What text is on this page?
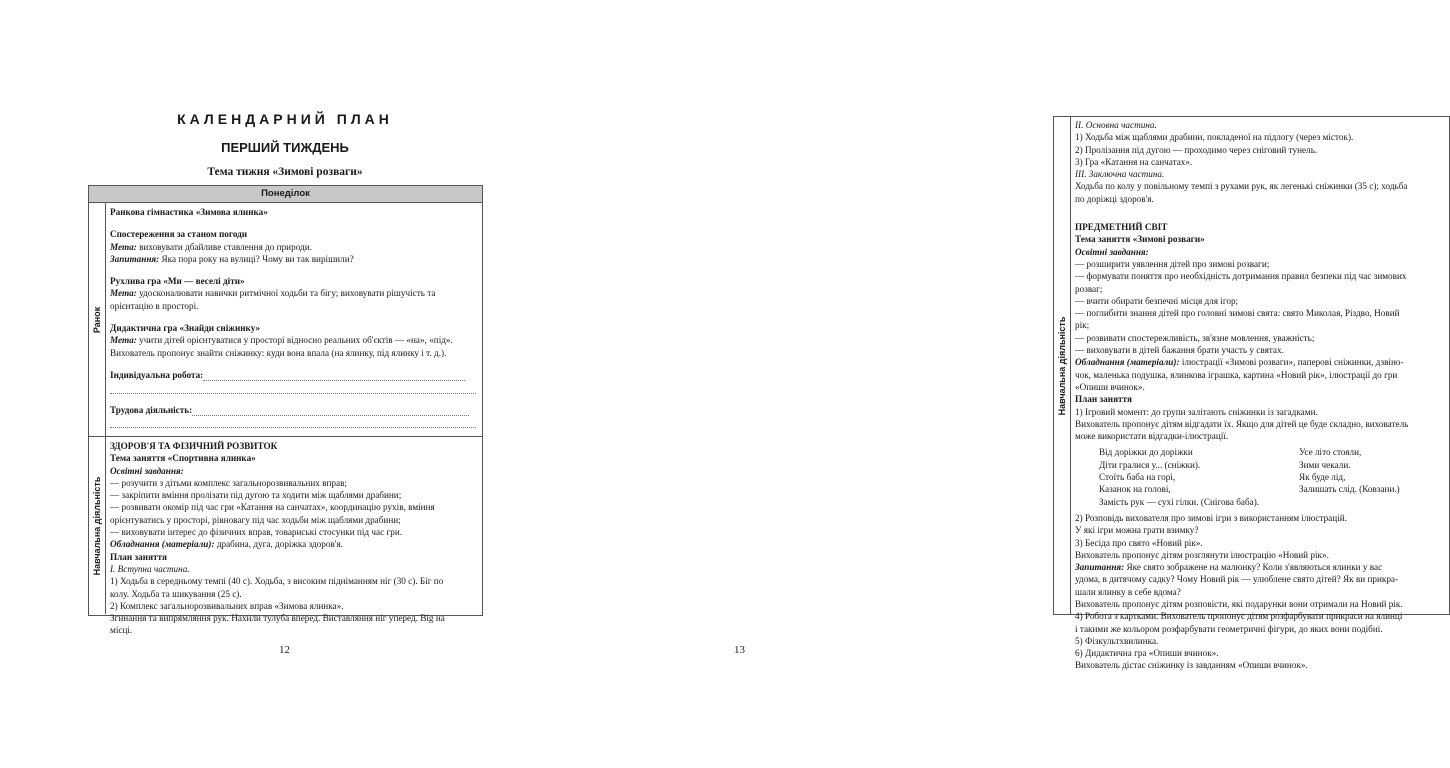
КАЛЕНДАРНИЙ ПЛАН
ПЕРШИЙ ТИЖДЕНЬ
Тема тижня «Зимові розваги»
Понеділок
Ранок
Навчальна діяльність
Ранкова гімнастика «Зимова ялинка»
Спостереження за станом погоди
Мета: виховувати дбайливе ставлення до природи.
Запитання: Яка пора року на вулиці? Чому ви так вирішили?
Рухлива гра «Ми — веселі діти»
Мета: удосконалювати навички ритмічної ходьби та бігу; виховувати рішучість та
орієнтацію в просторі.
Дидактична гра «Знайди сніжинку»
Мета: учити дітей орієнтуватися у просторі відносно реальних об'єктів — «на», «під».
Вихователь пропонує знайти сніжинку: куди вона впала (на ялинку, під ялинку і т. д.).
Індивідуальна робота:
Трудова діяльність:
ЗДОРОВ'Я ТА ФІЗИЧНИЙ РОЗВИТОК
Тема заняття «Спортивна ялинка»
Освітні завдання:
— розучити з дітьми комплекс загальнорозвивальних вправ;
— закріпити вміння пролізати під дугою та ходити між щаблями драбини;
— розвивати окомір під час гри «Катання на санчатах», координацію рухів, вміння
орієнтуватись у просторі, рівновагу під час ходьби між щаблями драбини;
— виховувати інтерес до фізичних вправ, товариські стосунки під час гри.
Обладнання (матеріали): драбина, дуга, доріжка здоров'я.
План заняття
I. Вступна частина.
1) Ходьба в середньому темпі (40 с). Ходьба, з високим підніманням ніг (30 с). Біг по
колу. Ходьба та шикування (25 с).
2) Комплекс загальнорозвивальних вправ «Зимова ялинка».
Згинання та випрямляння рук. Нахили тулуба вперед. Виставляння ніг уперед. Вig на
місці.
12
Навчальна діяльність
II. Основна частина.
1) Ходьба між щаблями драбини, покладеної на підлогу (через місток).
2) Пролізання під дугою — проходимо через сніговий тунель.
3) Гра «Катання на санчатах».
III. Заключна частина.
Ходьба по колу у повільному темпі з рухами рук, як легенькі сніжинки (35 с); ходьба
по доріжці здоров'я.
ПРЕДМЕТНИЙ СВІТ
Тема заняття «Зимові розваги»
Освітні завдання:
— розширити уявлення дітей про зимові розваги;
— формувати поняття про необхідність дотримання правил безпеки під час зимових
розваг;
— вчити обирати безпечні місця для ігор;
— поглибити знання дітей про головні зимові свята: свято Миколая, Різдво, Новий
рік;
— розвивати спостережливість, зв'язне мовлення, уважність;
— виховувати в дітей бажання брати участь у святах.
Обладнання (матеріали): ілюстрації «Зимові розваги», паперові сніжинки, дзвіно-
чок, маленька подушка, ялинкова іграшка, картина «Новий рік», ілюстрації до гри
«Опиши вчинок».
План заняття
1) Ігровий момент: до групи залітають сніжинки із загадками.
Вихователь пропонує дітям відгадати їх. Якщо для дітей це буде складно, вихователь
може використати відгадки-ілюстрації.
Від доріжки до доріжки
Діти гралися у... (сніжки).
Стоїть баба на горі,
Казанок на голові,
Замість рук — сухі гілки. (Снігова баба).
Усе літо стояли,
Зими чекали.
Як буде лід,
Залишать слід. (Ковзани.)
2) Розповідь вихователя про зимові ігри з використанням ілюстрацій.
У які ігри можна грати взимку?
3) Бесіда про свято «Новий рік».
Вихователь пропонує дітям розглянути ілюстрацію «Новий рік».
Запитання: Яке свято зображене на малюнку? Коли з'являються ялинки у вас
удома, в дитячому садку? Чому Новий рік — улюблене свято дітей? Як ви прикра-
шали ялинку в себе вдома?
Вихователь пропонує дітям розповісти, які подарунки вони отримали на Новий рік.
4) Робота з картками. Вихователь пропонує дітям розфарбувати прикраси на ялинці
і такими же кольором розфарбувати геометричні фігури, до яких вони подібні.
5) Фізкультхвилинка.
6) Дидактична гра «Опиши вчинок».
Вихователь дістає сніжинку із завданням «Опиши вчинок».
13
